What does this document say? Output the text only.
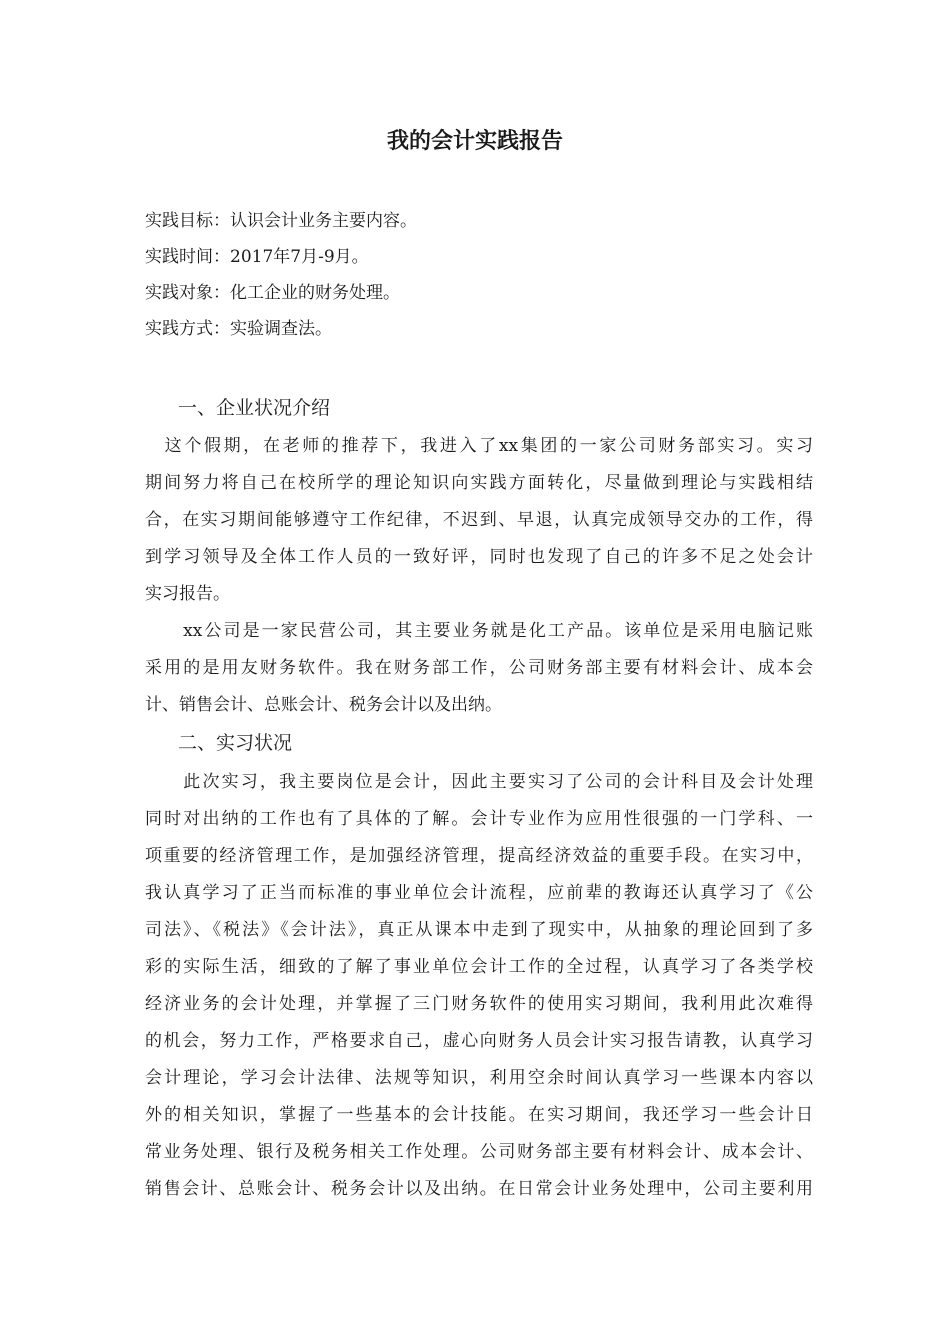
我的会计实践报告
实践目标：认识会计业务主要内容。
实践时间：2017年7月-9月。
实践对象：化工企业的财务处理。
实践方式：实验调查法。
一、企业状况介绍
　这个假期，在老师的推荐下，我进入了xx集团的一家公司财务部实习。实习
期间努力将自己在校所学的理论知识向实践方面转化，尽量做到理论与实践相结
合，在实习期间能够遵守工作纪律，不迟到、早退，认真完成领导交办的工作，得
到学习领导及全体工作人员的一致好评，同时也发现了自己的许多不足之处会计
实习报告。
　　xx公司是一家民营公司，其主要业务就是化工产品。该单位是采用电脑记账
采用的是用友财务软件。我在财务部工作，公司财务部主要有材料会计、成本会
计、销售会计、总账会计、税务会计以及出纳。
二、实习状况
　　此次实习，我主要岗位是会计，因此主要实习了公司的会计科目及会计处理
同时对出纳的工作也有了具体的了解。会计专业作为应用性很强的一门学科、一
项重要的经济管理工作，是加强经济管理，提高经济效益的重要手段。在实习中，
我认真学习了正当而标准的事业单位会计流程，应前辈的教诲还认真学习了《公
司法》、《税法》《会计法》，真正从课本中走到了现实中，从抽象的理论回到了多
彩的实际生活，细致的了解了事业单位会计工作的全过程，认真学习了各类学校
经济业务的会计处理，并掌握了三门财务软件的使用实习期间，我利用此次难得
的机会，努力工作，严格要求自己，虚心向财务人员会计实习报告请教，认真学习
会计理论，学习会计法律、法规等知识，利用空余时间认真学习一些课本内容以
外的相关知识，掌握了一些基本的会计技能。在实习期间，我还学习一些会计日
常业务处理、银行及税务相关工作处理。公司财务部主要有材料会计、成本会计、
销售会计、总账会计、税务会计以及出纳。在日常会计业务处理中，公司主要利用
